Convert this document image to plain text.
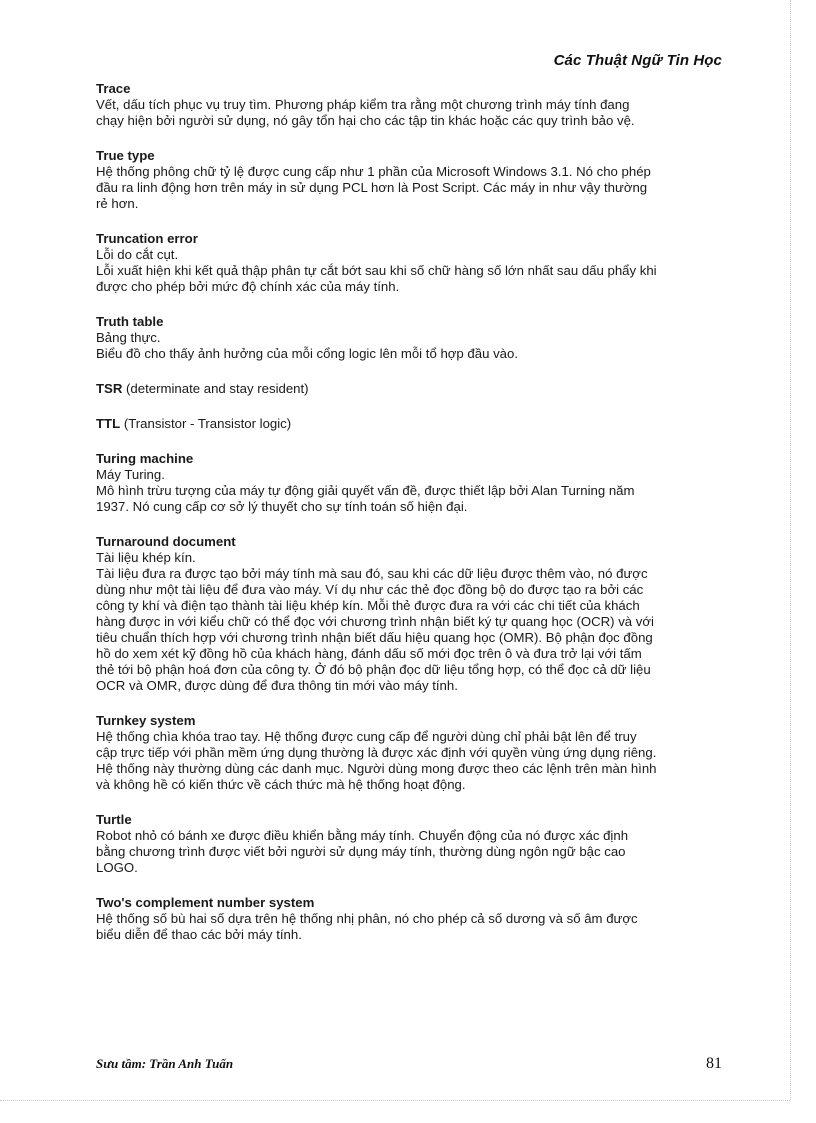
Các Thuật Ngữ Tin Học
Trace
Vết, dấu tích phục vụ truy tìm. Phương pháp kiểm tra rằng một chương trình máy tính đang
chạy hiện bởi người sử dụng, nó gây tổn hại cho các tập tin khác hoặc các quy trình bảo vệ.
True type
Hệ thống phông chữ tỷ lệ được cung cấp như 1 phần của Microsoft Windows 3.1. Nó cho phép
đầu ra linh động hơn trên máy in sử dụng PCL hơn là Post Script. Các máy in như vậy thường
rẻ hơn.
Truncation error
Lỗi do cắt cụt.
Lỗi xuất hiện khi kết quả thập phân tự cắt bớt sau khi số chữ hàng số lớn nhất sau dấu phẩy khi
được cho phép bởi mức độ chính xác của máy tính.
Truth table
Bảng thực.
Biểu đồ cho thấy ảnh hưởng của mỗi cổng logic lên mỗi tổ hợp đầu vào.
TSR (determinate and stay resident)
TTL (Transistor - Transistor logic)
Turing machine
Máy Turing.
Mô hình trừu tượng của máy tự động giải quyết vấn đề, được thiết lập bởi Alan Turning năm
1937. Nó cung cấp cơ sở lý thuyết cho sự tính toán số hiện đại.
Turnaround document
Tài liệu khép kín.
Tài liệu đưa ra được tạo bởi máy tính mà sau đó, sau khi các dữ liệu được thêm vào, nó được
dùng như một tài liệu để đưa vào máy. Ví dụ như các thẻ đọc đồng bộ do được tạo ra bởi các
công ty khí và điện tạo thành tài liệu khép kín. Mỗi thẻ được đưa ra với các chi tiết của khách
hàng được in với kiểu chữ có thể đọc với chương trình nhận biết ký tự quang học (OCR) và với
tiêu chuẩn thích hợp với chương trình nhận biết dấu hiệu quang học (OMR). Bộ phận đọc đồng
hồ do xem xét kỹ đồng hồ của khách hàng, đánh dấu số mới đọc trên ô và đưa trở lại với tấm
thẻ tới bộ phận hoá đơn của công ty. Ở đó bộ phận đọc dữ liệu tổng hợp, có thể đọc cả dữ liệu
OCR và OMR, được dùng để đưa thông tin mới vào máy tính.
Turnkey system
Hệ thống chìa khóa trao tay. Hệ thống được cung cấp để người dùng chỉ phải bật lên để truy
cập trực tiếp với phần mềm ứng dụng thường là được xác định với quyền vùng ứng dụng riêng.
Hệ thống này thường dùng các danh mục. Người dùng mong được theo các lệnh trên màn hình
và không hề có kiến thức về cách thức mà hệ thống hoạt động.
Turtle
Robot nhỏ có bánh xe được điều khiển bằng máy tính. Chuyển động của nó được xác định
bằng chương trình được viết bởi người sử dụng máy tính, thường dùng ngôn ngữ bậc cao
LOGO.
Two's complement number system
Hệ thống số bù hai số dựa trên hệ thống nhị phân, nó cho phép cả số dương và số âm được
biểu diễn để thao các bởi máy tính.
Sưu tầm: Trần Anh Tuấn	81
